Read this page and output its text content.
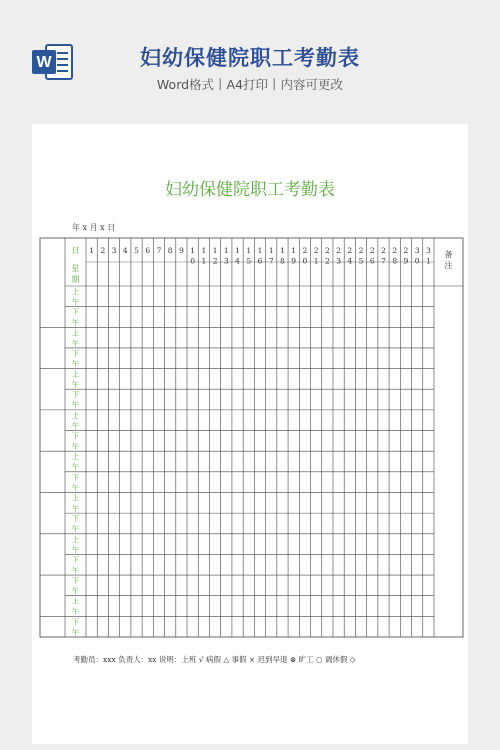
W	妇幼保健院职工考勤表
Word格式丨A4打印丨内容可更改
妇幼保健院职工考勤表
年 x 月 x 日
日
星期
1 2 3 4 5 6 7 8 9 1 0
1 1
1 2
1 3
1 4
1 5
1 6
1 7
1 8
1 9
2 0
2 1
2 2
2 3
2 4
2 5
2 6
2 7
2 8
2 9
3 0
3 1
备注
上午
下午
上午
下午
上午
下午
上午
下午
上午
下午
上午
下午
上午
下午
下午
上午
下午
考勤员：xxx 负责人：xx 说明：上班 √ 病假 △ 事假 × 迟到早退 ⊗ 旷工 ○ 调休假 ◇
